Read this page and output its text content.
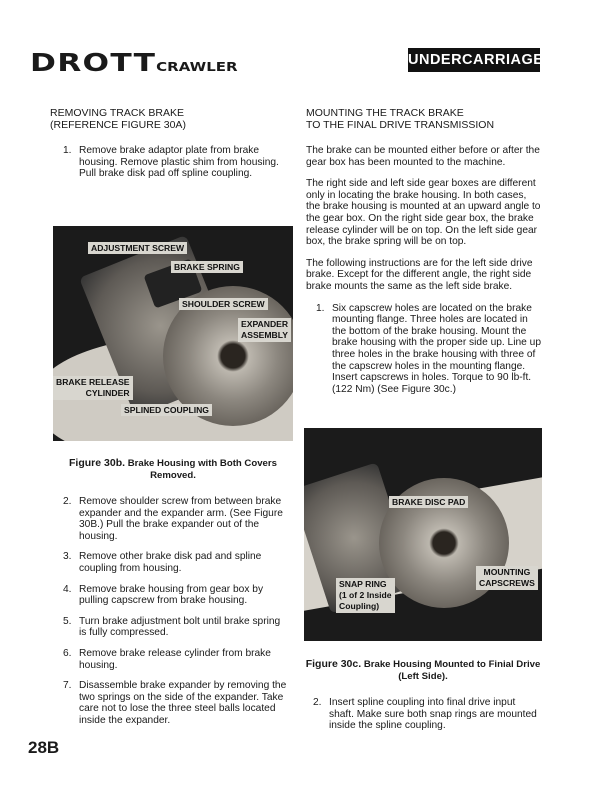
DROTTCRAWLER	UNDERCARRIAGE
REMOVING TRACK BRAKE
(REFERENCE FIGURE 30A)
1. Remove brake adaptor plate from brake housing. Remove plastic shim from housing. Pull brake disk pad off spline coupling.
ADJUSTMENT SCREW
BRAKE SPRING
SHOULDER SCREW
EXPANDER
ASSEMBLY
BRAKE RELEASE
CYLINDER
SPLINED COUPLING
Figure 30b. Brake Housing with Both Covers Removed.
2. Remove shoulder screw from between brake expander and the expander arm. (See Figure 30B.) Pull the brake expander out of the housing.
3. Remove other brake disk pad and spline coupling from housing.
4. Remove brake housing from gear box by pulling capscrew from brake housing.
5. Turn brake adjustment bolt until brake spring is fully compressed.
6. Remove brake release cylinder from brake housing.
7. Disassemble brake expander by removing the two springs on the side of the expander. Take care not to lose the three steel balls located inside the expander.
MOUNTING THE TRACK BRAKE
TO THE FINAL DRIVE TRANSMISSION

The brake can be mounted either before or after the gear box has been mounted to the machine.

The right side and left side gear boxes are different only in locating the brake housing. In both cases, the brake housing is mounted at an upward angle to the gear box. On the right side gear box, the brake release cylinder will be on top. On the left side gear box, the brake spring will be on top.

The following instructions are for the left side drive brake. Except for the different angle, the right side brake mounts the same as the left side brake.

1. Six capscrew holes are located on the brake mounting flange. Three holes are located in the bottom of the brake housing. Mount the brake housing with the proper side up. Line up three holes in the brake housing with three of the capscrew holes in the mounting flange. Insert capscrews in holes. Torque to 90 lb-ft. (122 Nm) (See Figure 30c.)
BRAKE DISC PAD
MOUNTING
CAPSCREWS
SNAP RING
(1 of 2 Inside
Coupling)
Figure 30c. Brake Housing Mounted to Finial Drive (Left Side).
2. Insert spline coupling into final drive input shaft. Make sure both snap rings are mounted inside the spline coupling.
28B
